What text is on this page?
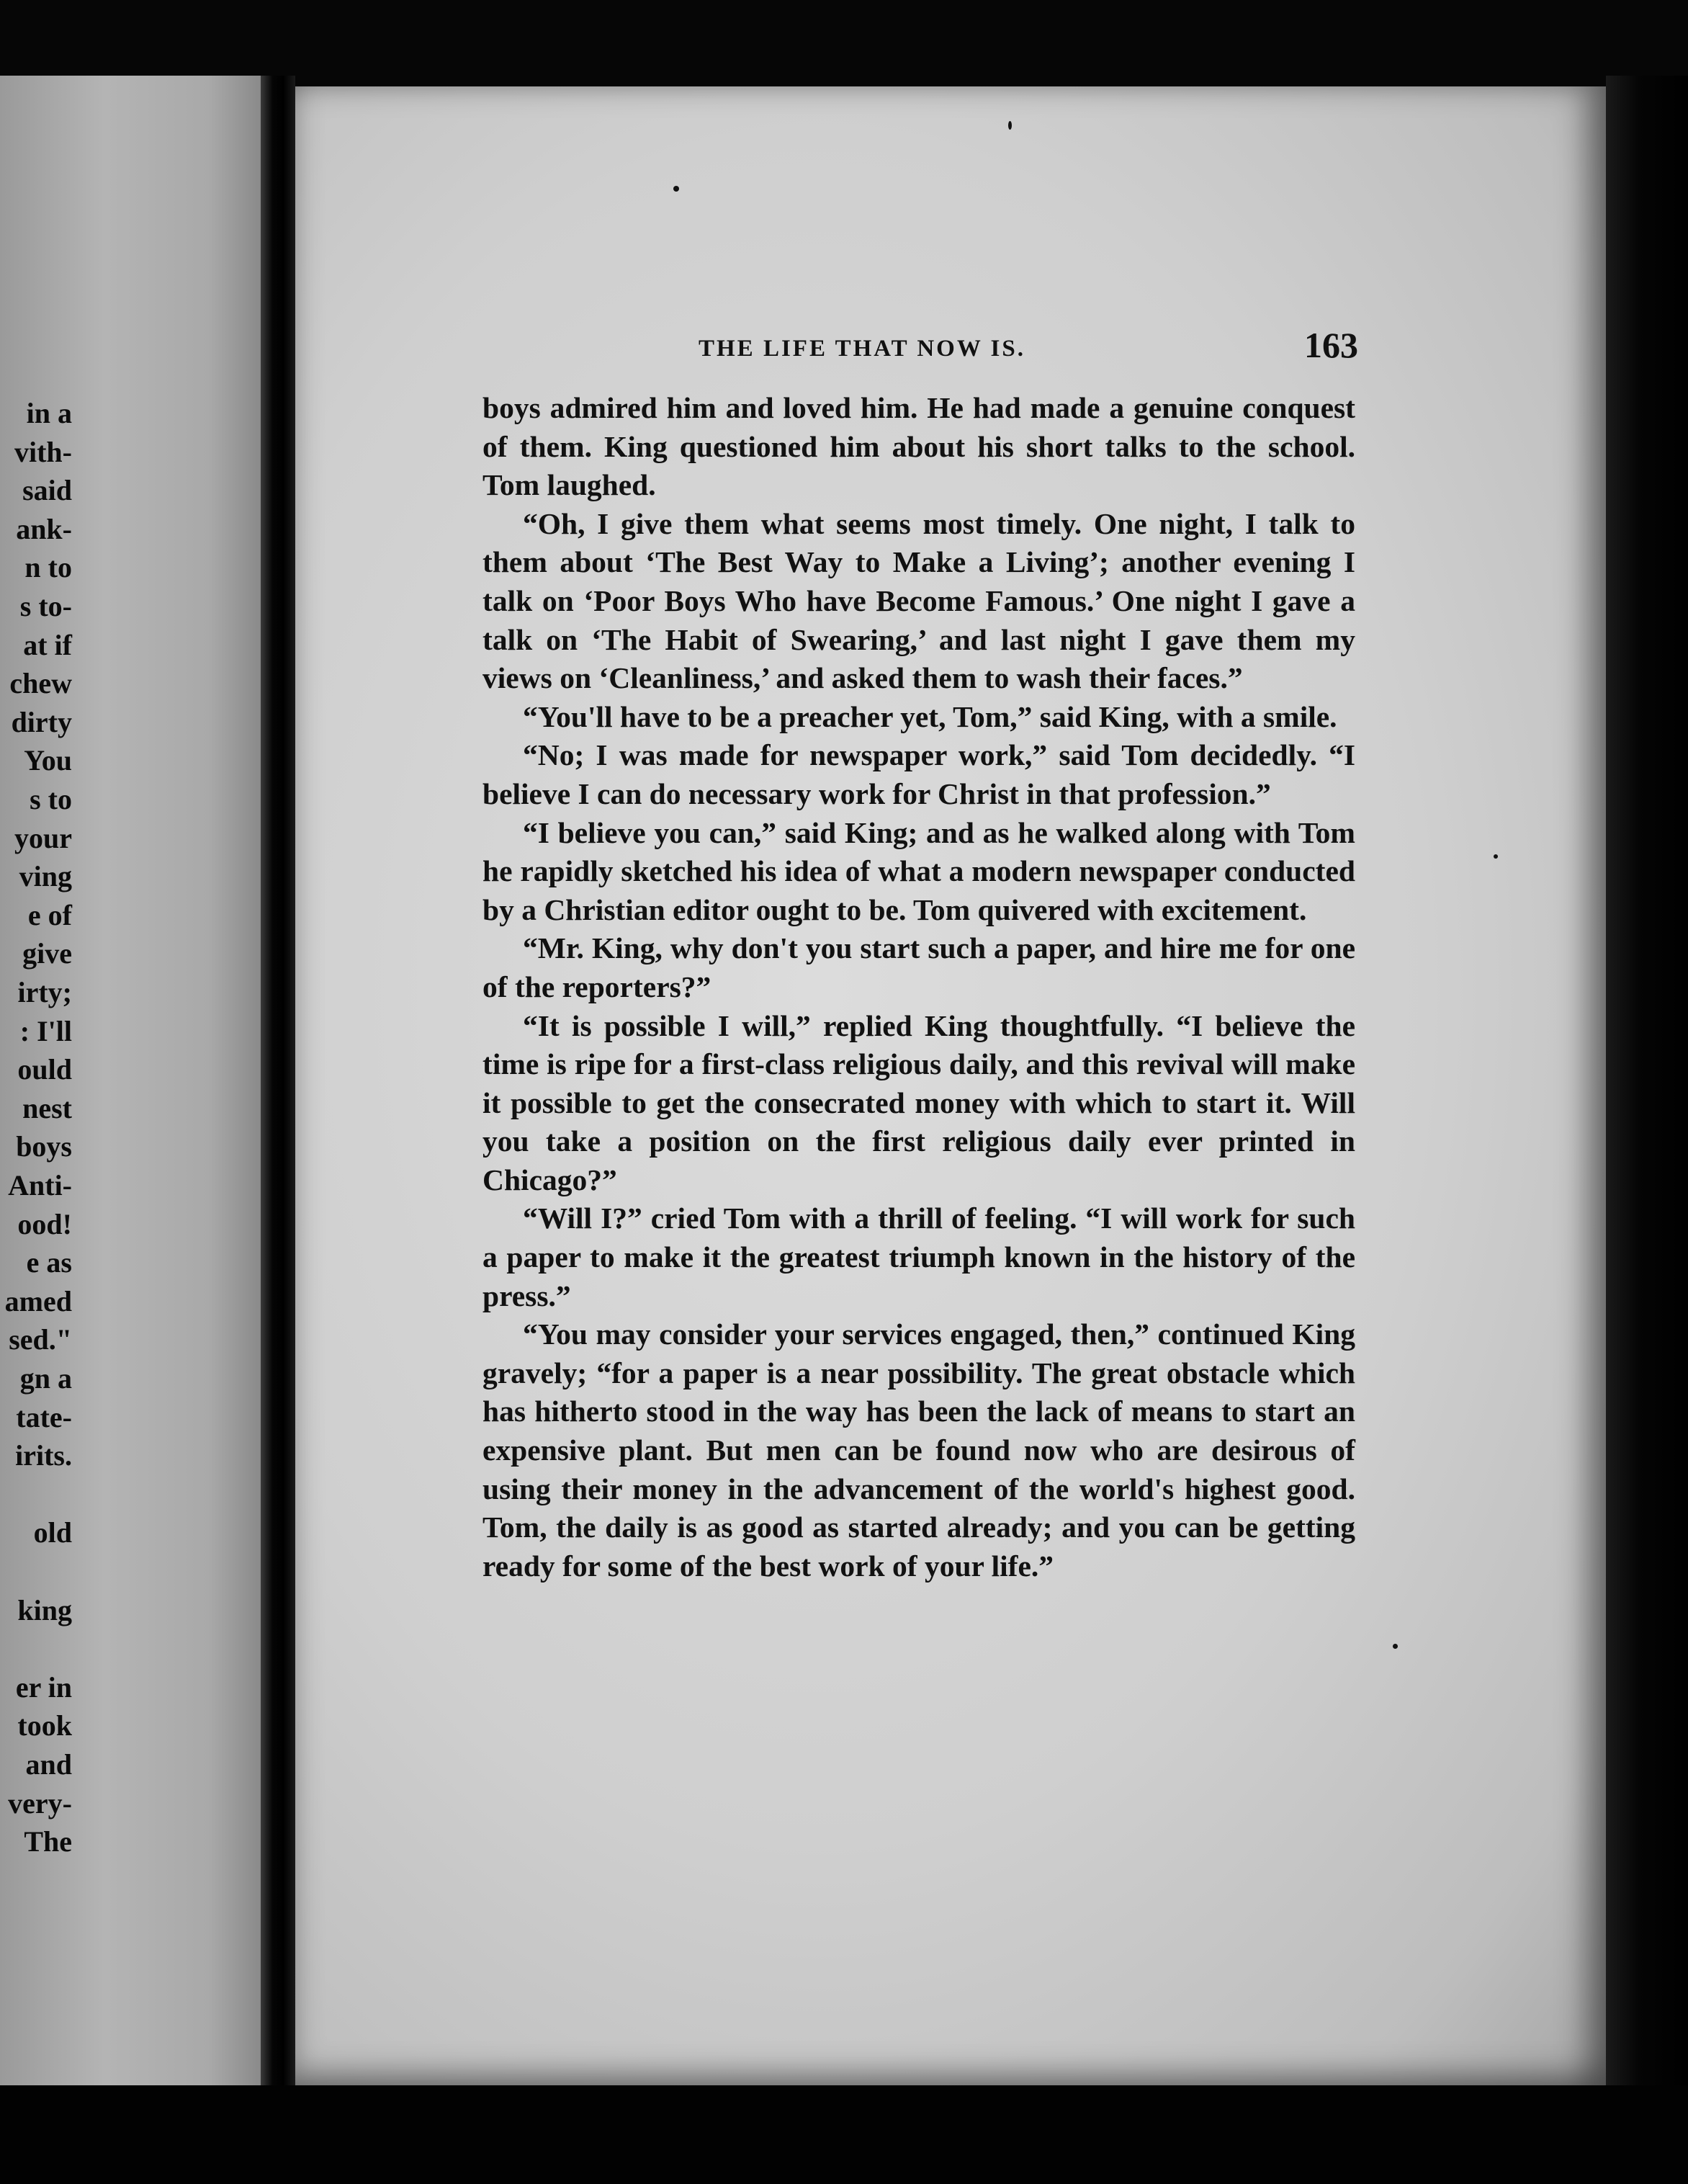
in a
vith-
said
ank-
n to
s to-
at if
chew
dirty
You
s to
your
ving
e of
give
irty;
: I'll
ould
nest
boys
Anti-
ood!
e as
amed
sed."
gn a
tate-
irits.
old
king
er in
took
and
very-
The
THE LIFE THAT NOW IS.	163

boys admired him and loved him. He had made a genuine conquest of them. King questioned him about his short talks to the school. Tom laughed.

“Oh, I give them what seems most timely. One night, I talk to them about ‘The Best Way to Make a Living’; another evening I talk on ‘Poor Boys Who have Become Famous.’ One night I gave a talk on ‘The Habit of Swearing,’ and last night I gave them my views on ‘Cleanliness,’ and asked them to wash their faces.”

“You'll have to be a preacher yet, Tom,” said King, with a smile.

“No; I was made for newspaper work,” said Tom decidedly. “I believe I can do necessary work for Christ in that profession.”

“I believe you can,” said King; and as he walked along with Tom he rapidly sketched his idea of what a modern newspaper conducted by a Christian editor ought to be. Tom quivered with excitement.

“Mr. King, why don't you start such a paper, and hire me for one of the reporters?”

“It is possible I will,” replied King thoughtfully. “I believe the time is ripe for a first-class religious daily, and this revival will make it possible to get the consecrated money with which to start it. Will you take a position on the first religious daily ever printed in Chicago?”

“Will I?” cried Tom with a thrill of feeling. “I will work for such a paper to make it the greatest triumph known in the history of the press.”

“You may consider your services engaged, then,” continued King gravely; “for a paper is a near possibility. The great obstacle which has hitherto stood in the way has been the lack of means to start an expensive plant. But men can be found now who are desirous of using their money in the advancement of the world's highest good. Tom, the daily is as good as started already; and you can be getting ready for some of the best work of your life.”
